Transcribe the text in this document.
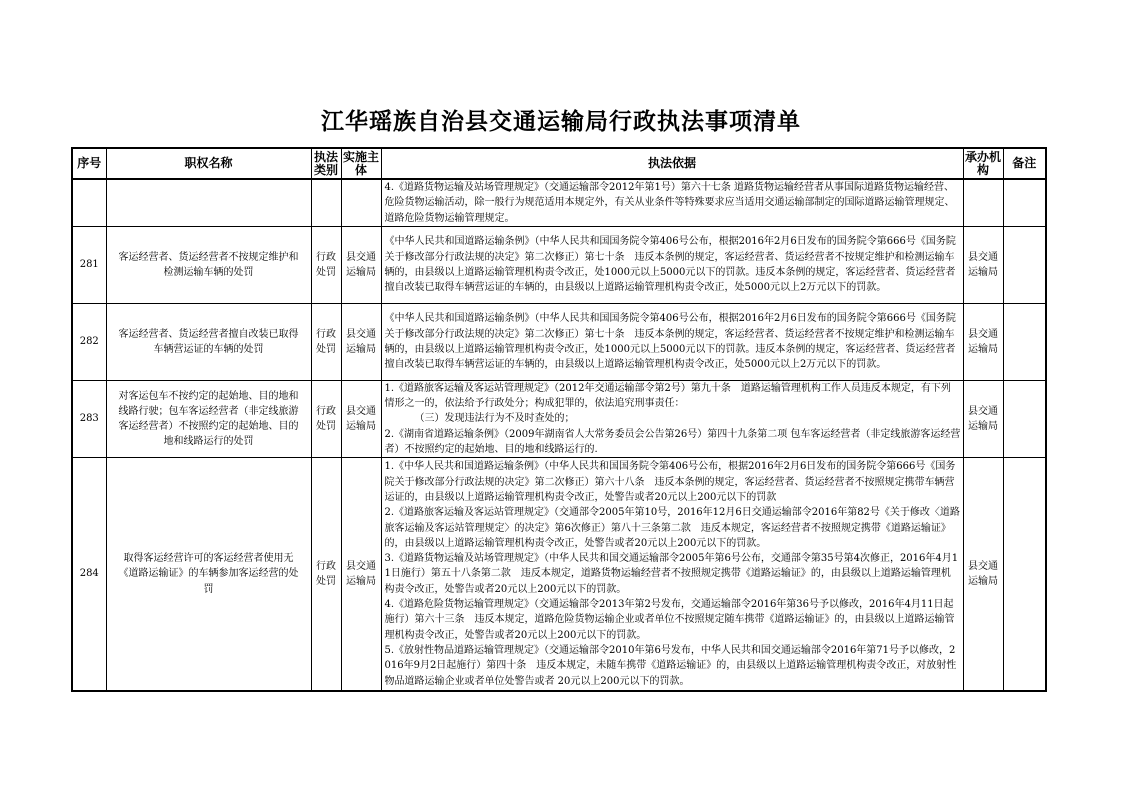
江华瑶族自治县交通运输局行政执法事项清单
序号	职权名称	执法类别	实施主体	执法依据	承办机构	备注
				4.《道路货物运输及站场管理规定》（交通运输部令2012年第1号）第六十七条 道路货物运输经营者从事国际道路货物运输经营、危险货物运输活动，除一般行为规范适用本规定外，有关从业条件等特殊要求应当适用交通运输部制定的国际道路运输管理规定、道路危险货物运输管理规定。		
281	客运经营者、货运经营者不按规定维护和检测运输车辆的处罚	行政处罚	县交通运输局	《中华人民共和国道路运输条例》（中华人民共和国国务院令第406号公布，根据2016年2月6日发布的国务院令第666号《国务院关于修改部分行政法规的决定》第二次修正）第七十条　违反本条例的规定，客运经营者、货运经营者不按规定维护和检测运输车辆的，由县级以上道路运输管理机构责令改正，处1000元以上5000元以下的罚款。违反本条例的规定，客运经营者、货运经营者擅自改装已取得车辆营运证的车辆的，由县级以上道路运输管理机构责令改正，处5000元以上2万元以下的罚款。	县交通运输局	
282	客运经营者、货运经营者擅自改装已取得车辆营运证的车辆的处罚	行政处罚	县交通运输局	《中华人民共和国道路运输条例》（中华人民共和国国务院令第406号公布，根据2016年2月6日发布的国务院令第666号《国务院关于修改部分行政法规的决定》第二次修正）第七十条　违反本条例的规定，客运经营者、货运经营者不按规定维护和检测运输车辆的，由县级以上道路运输管理机构责令改正，处1000元以上5000元以下的罚款。违反本条例的规定，客运经营者、货运经营者擅自改装已取得车辆营运证的车辆的，由县级以上道路运输管理机构责令改正，处5000元以上2万元以下的罚款。	县交通运输局	
283	对客运包车不按约定的起始地、目的地和线路行驶；包车客运经营者（非定线旅游客运经营者）不按照约定的起始地、目的地和线路运行的处罚	行政处罚	县交通运输局	1.《道路旅客运输及客运站管理规定》（2012年交通运输部令第2号）第九十条　道路运输管理机构工作人员违反本规定，有下列情形之一的，依法给予行政处分；构成犯罪的，依法追究刑事责任：
（三）发现违法行为不及时查处的；
2.《湖南省道路运输条例》（2009年湖南省人大常务委员会公告第26号）第四十九条第二项 包车客运经营者（非定线旅游客运经营者）不按照约定的起始地、目的地和线路运行的.	县交通运输局	
284	取得客运经营许可的客运经营者使用无《道路运输证》的车辆参加客运经营的处罚	行政处罚	县交通运输局	1.《中华人民共和国道路运输条例》（中华人民共和国国务院令第406号公布，根据2016年2月6日发布的国务院令第666号《国务院关于修改部分行政法规的决定》第二次修正）第六十八条　违反本条例的规定，客运经营者、货运经营者不按照规定携带车辆营运证的，由县级以上道路运输管理机构责令改正，处警告或者20元以上200元以下的罚款
2.《道路旅客运输及客运站管理规定》（交通部令2005年第10号，2016年12月6日交通运输部令2016年第82号《关于修改〈道路旅客运输及客运站管理规定〉的决定》第6次修正）第八十三条第二款　违反本规定，客运经营者不按照规定携带《道路运输证》的，由县级以上道路运输管理机构责令改正，处警告或者20元以上200元以下的罚款。
3.《道路货物运输及站场管理规定》（中华人民共和国交通运输部令2005年第6号公布，交通部令第35号第4次修正，2016年4月11日施行）第五十八条第二款　违反本规定，道路货物运输经营者不按照规定携带《道路运输证》的，由县级以上道路运输管理机构责令改正，处警告或者20元以上200元以下的罚款。
4.《道路危险货物运输管理规定》（交通运输部令2013年第2号发布，交通运输部令2016年第36号予以修改，2016年4月11日起施行）第六十三条　违反本规定，道路危险货物运输企业或者单位不按照规定随车携带《道路运输证》的，由县级以上道路运输管理机构责令改正，处警告或者20元以上200元以下的罚款。
5.《放射性物品道路运输管理规定》（交通运输部令2010年第6号发布，中华人民共和国交通运输部令2016年第71号予以修改，2016年9月2日起施行）第四十条　违反本规定，未随车携带《道路运输证》的，由县级以上道路运输管理机构责令改正，对放射性物品道路运输企业或者单位处警告或者 20元以上200元以下的罚款。	县交通运输局	
